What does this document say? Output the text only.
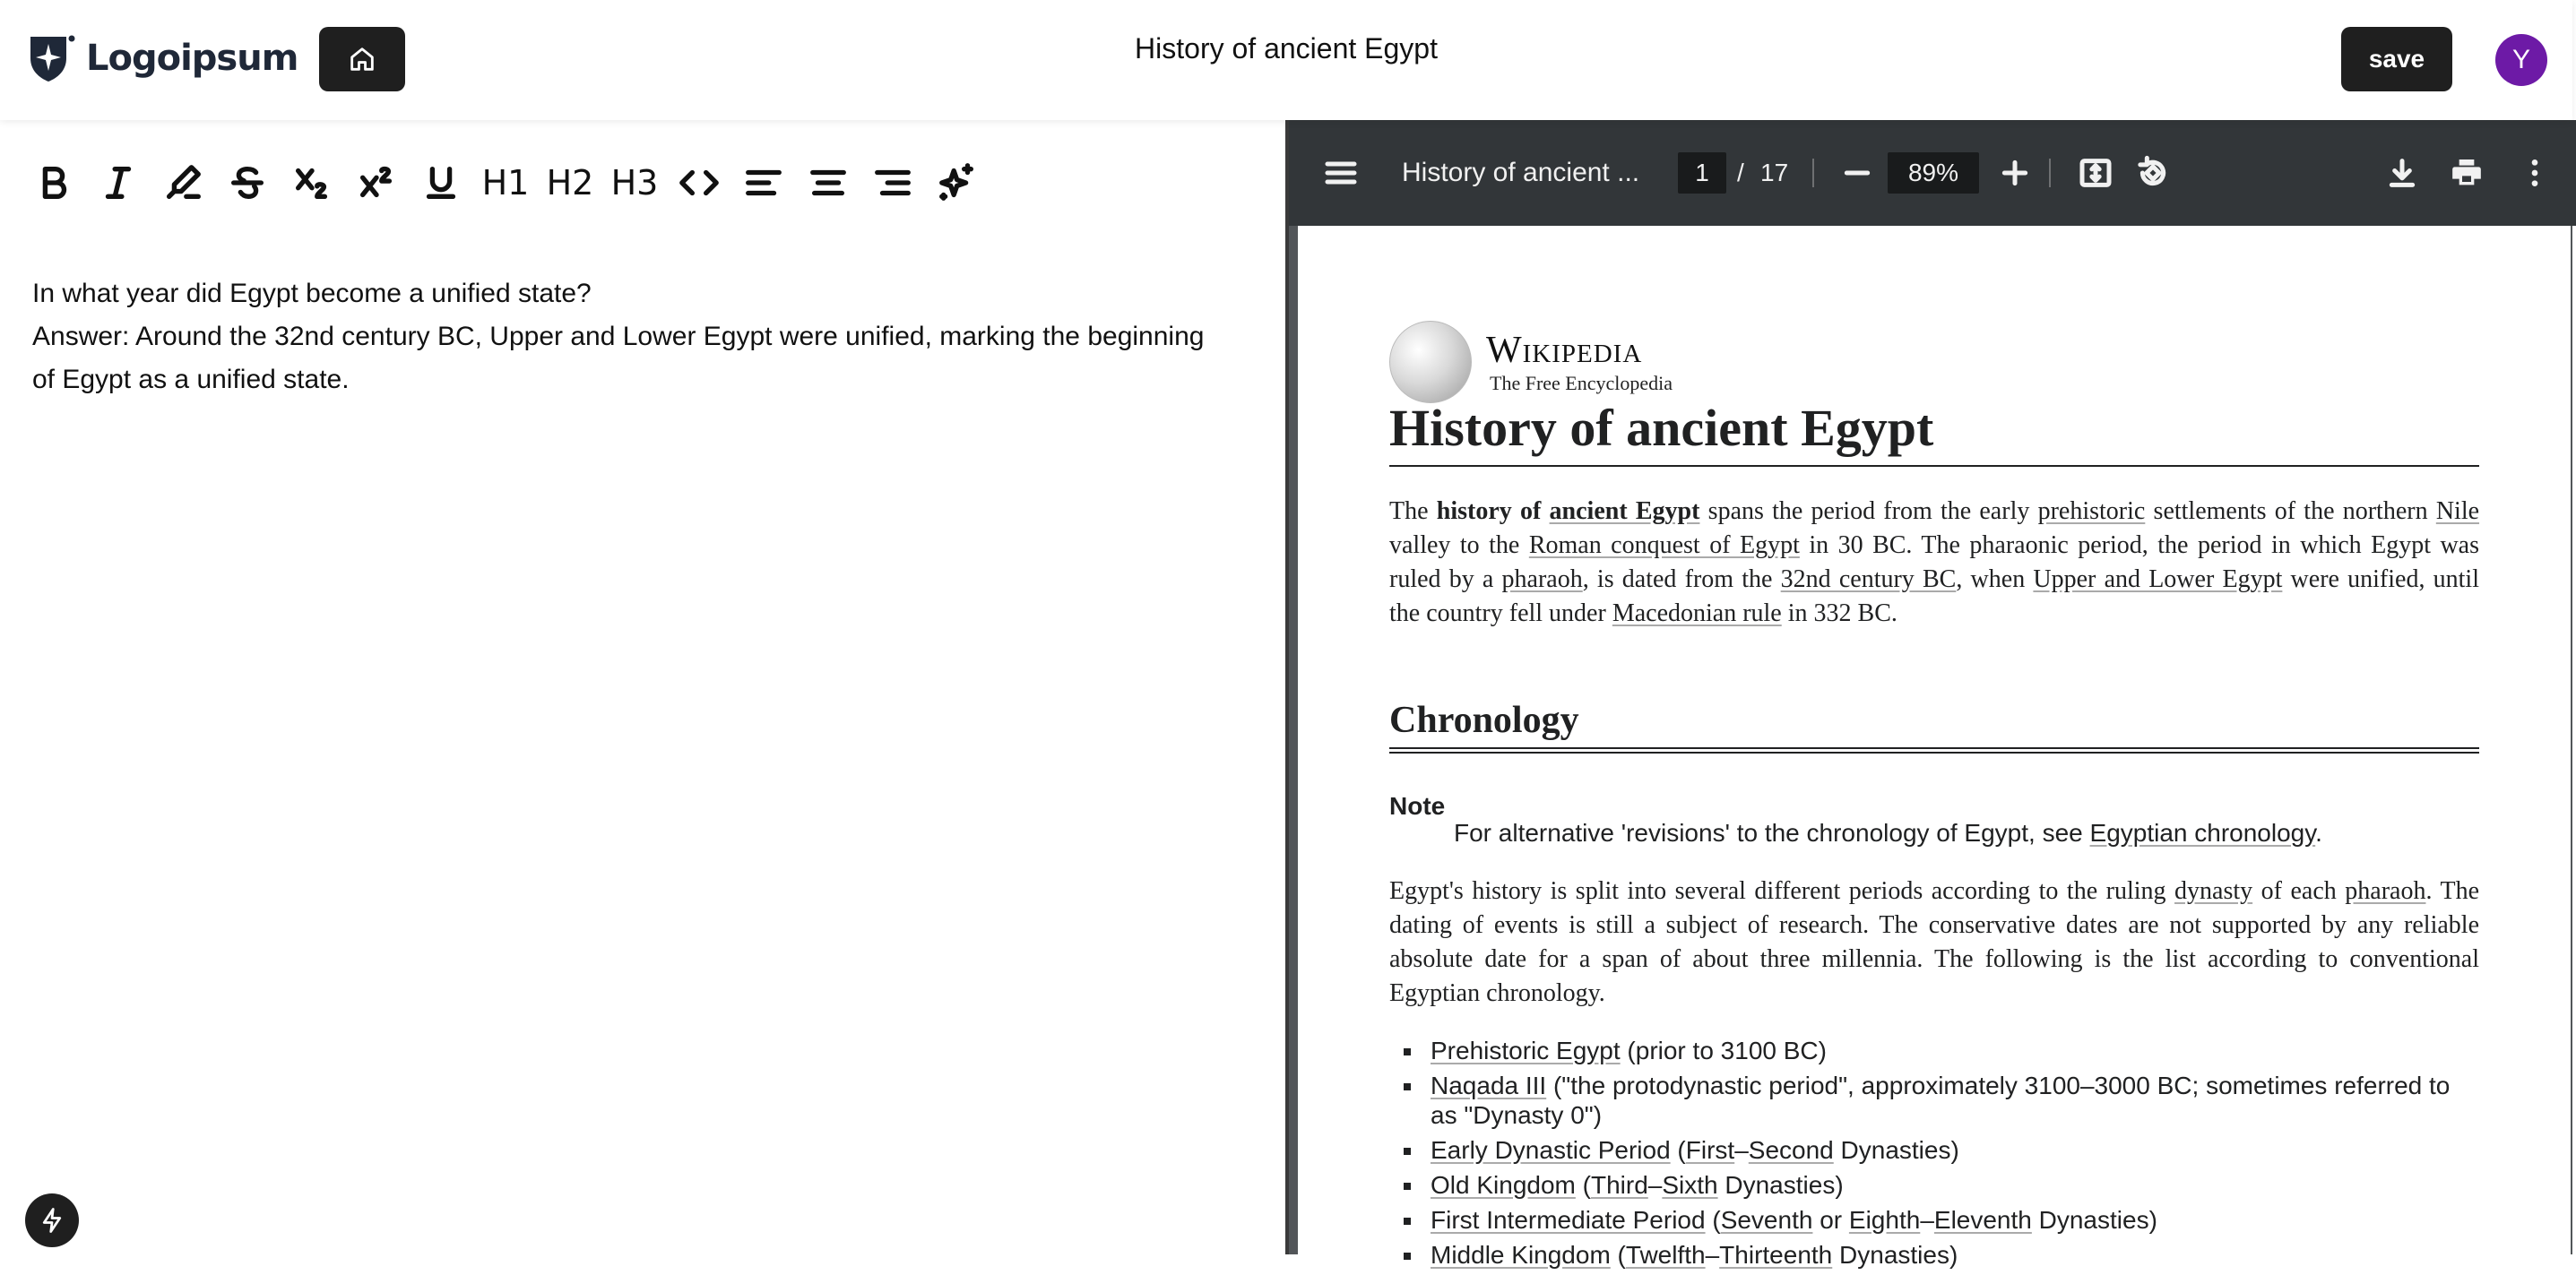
Logoipsum	History of ancient Egypt	save	Y
H1 H2 H3

In what year did Egypt become a unified state?

Answer: Around the 32nd century BC, Upper and Lower Egypt were unified, marking the beginning of Egypt as a unified state.

History of ancient ...	1	/ 17	89%
Wikipedia
The Free Encyclopedia
History of ancient Egypt

The history of ancient Egypt spans the period from the early prehistoric settlements of the northern Nile valley to the Roman conquest of Egypt in 30 BC. The pharaonic period, the period in which Egypt was ruled by a pharaoh, is dated from the 32nd century BC, when Upper and Lower Egypt were unified, until the country fell under Macedonian rule in 332 BC.

Chronology
Note
For alternative 'revisions' to the chronology of Egypt, see Egyptian chronology.

Egypt's history is split into several different periods according to the ruling dynasty of each pharaoh. The dating of events is still a subject of research. The conservative dates are not supported by any reliable absolute date for a span of about three millennia. The following is the list according to conventional Egyptian chronology.

Prehistoric Egypt (prior to 3100 BC)
Naqada III ("the protodynastic period", approximately 3100–3000 BC; sometimes referred to as "Dynasty 0")
Early Dynastic Period (First–Second Dynasties)
Old Kingdom (Third–Sixth Dynasties)
First Intermediate Period (Seventh or Eighth–Eleventh Dynasties)
Middle Kingdom (Twelfth–Thirteenth Dynasties)
